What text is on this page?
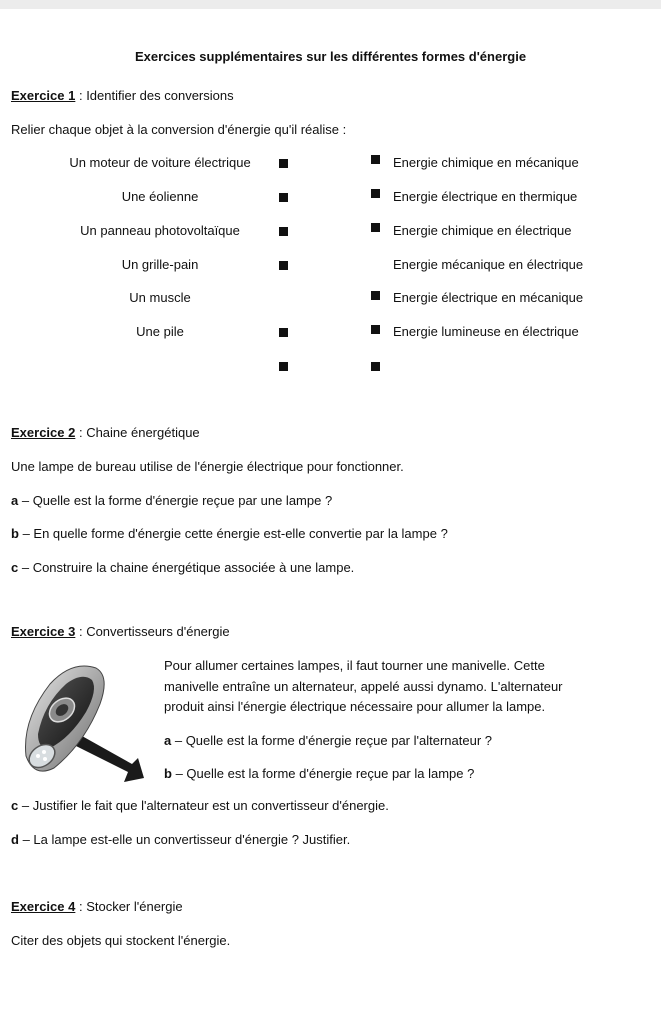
Exercices supplémentaires sur les différentes formes d'énergie
Exercice 1 : Identifier des conversions
Relier chaque objet à la conversion d'énergie qu'il réalise :
Un moteur de voiture électrique
Une éolienne
Un panneau photovoltaïque
Un grille-pain
Un muscle
Une pile
Energie chimique en mécanique
Energie électrique en thermique
Energie chimique en électrique
Energie mécanique en électrique
Energie électrique en mécanique
Energie lumineuse en électrique
Exercice 2 : Chaine énergétique
Une lampe de bureau utilise de l'énergie électrique pour fonctionner.
a – Quelle est la forme d'énergie reçue par une lampe ?
b – En quelle forme d'énergie cette énergie est-elle convertie par la lampe ?
c – Construire la chaine énergétique associée à une lampe.
Exercice 3 : Convertisseurs d'énergie
Pour allumer certaines lampes, il faut tourner une manivelle. Cette
manivelle entraîne un alternateur, appelé aussi dynamo. L'alternateur
produit ainsi l'énergie électrique nécessaire pour allumer la lampe.
a – Quelle est la forme d'énergie reçue par l'alternateur ?
b – Quelle est la forme d'énergie reçue par la lampe ?
c – Justifier le fait que l'alternateur est un convertisseur d'énergie.
d – La lampe est-elle un convertisseur d'énergie ? Justifier.
Exercice 4 : Stocker l'énergie
Citer des objets qui stockent l'énergie.
